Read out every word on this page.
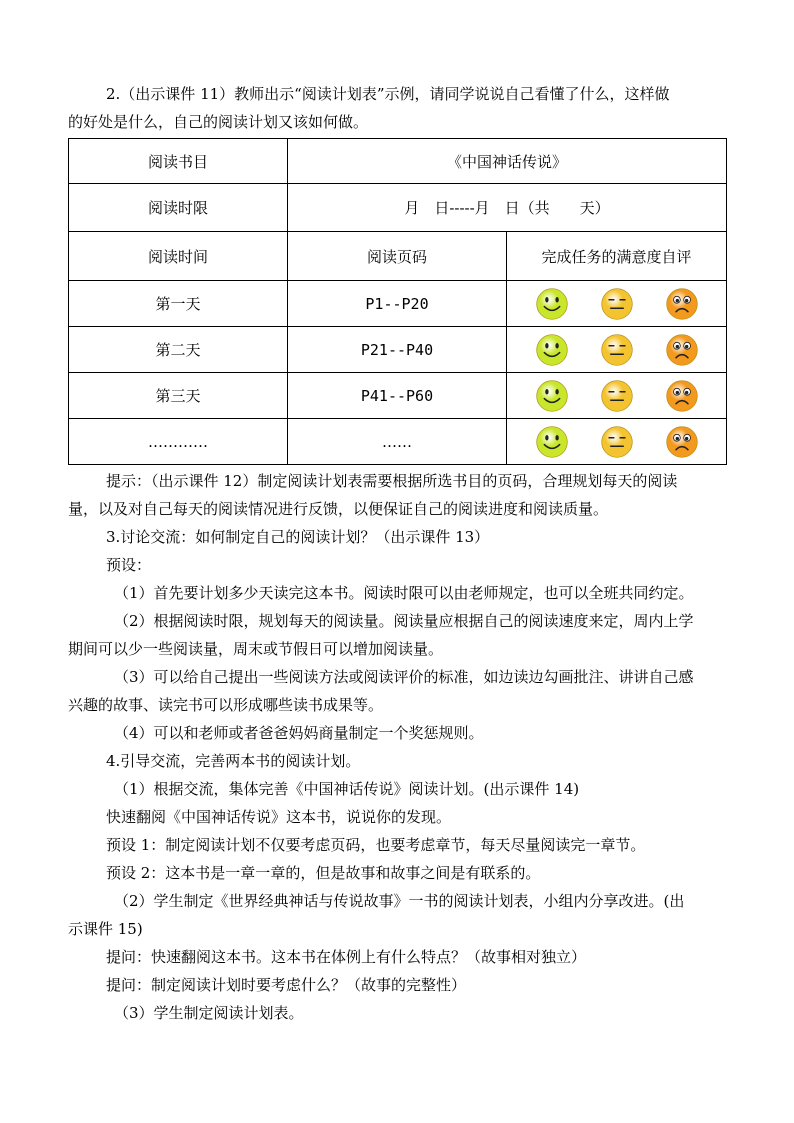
2.（出示课件 11）教师出示“阅读计划表”示例，请同学说说自己看懂了什么，这样做

的好处是什么，自己的阅读计划又该如何做。

阅读书目	《中国神话传说》	
阅读时限	月　日-----月　日（共　　天）	
阅读时间	阅读页码	完成任务的满意度自评
第一天	P1--P20	

第二天	P21--P40	

第三天	P41--P60	

…………	……	

提示：（出示课件 12）制定阅读计划表需要根据所选书目的页码，合理规划每天的阅读

量，以及对自己每天的阅读情况进行反馈，以便保证自己的阅读进度和阅读质量。

3.讨论交流：如何制定自己的阅读计划？（出示课件 13）

预设：

（1）首先要计划多少天读完这本书。阅读时限可以由老师规定，也可以全班共同约定。

（2）根据阅读时限，规划每天的阅读量。阅读量应根据自己的阅读速度来定，周内上学

期间可以少一些阅读量，周末或节假日可以增加阅读量。

（3）可以给自己提出一些阅读方法或阅读评价的标准，如边读边勾画批注、讲讲自己感

兴趣的故事、读完书可以形成哪些读书成果等。

（4）可以和老师或者爸爸妈妈商量制定一个奖惩规则。

4.引导交流，完善两本书的阅读计划。

（1）根据交流，集体完善《中国神话传说》阅读计划。(出示课件 14)

快速翻阅《中国神话传说》这本书，说说你的发现。

预设 1：制定阅读计划不仅要考虑页码，也要考虑章节，每天尽量阅读完一章节。

预设 2：这本书是一章一章的，但是故事和故事之间是有联系的。

（2）学生制定《世界经典神话与传说故事》一书的阅读计划表，小组内分享改进。(出

示课件 15)

提问：快速翻阅这本书。这本书在体例上有什么特点？（故事相对独立）

提问：制定阅读计划时要考虑什么？（故事的完整性）

（3）学生制定阅读计划表。
